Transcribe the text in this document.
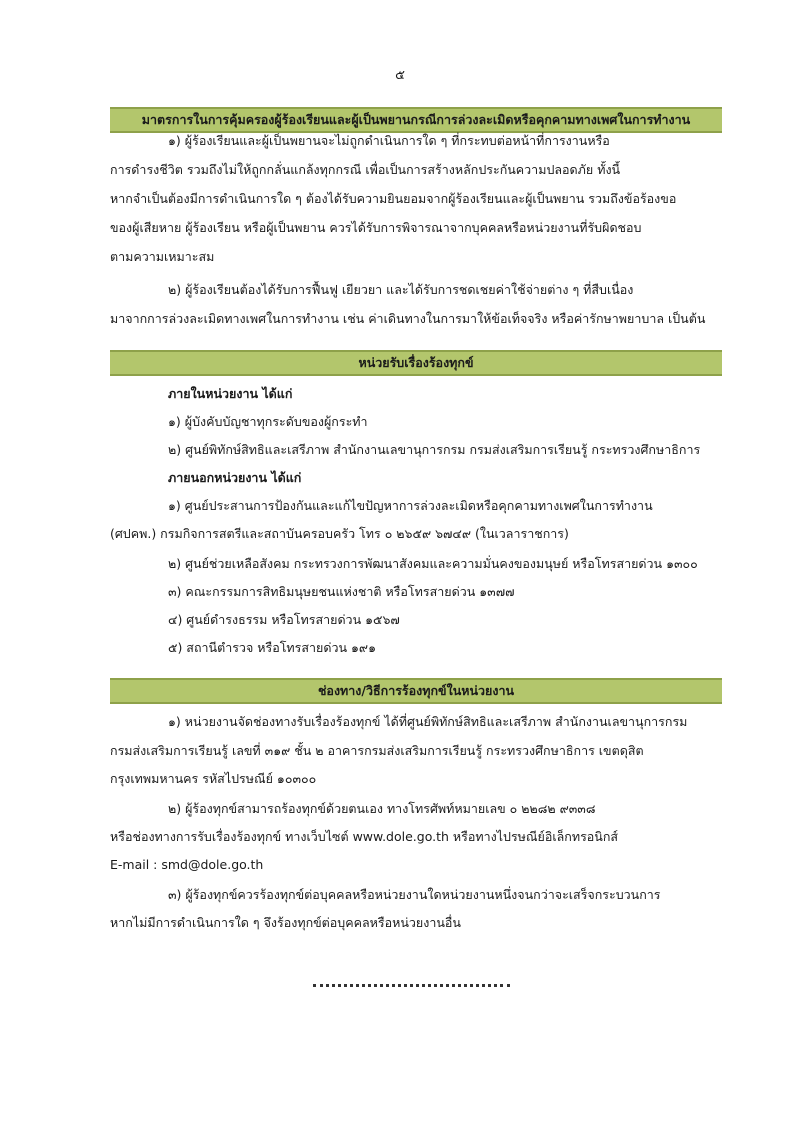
๕
มาตรการในการคุ้มครองผู้ร้องเรียนและผู้เป็นพยานกรณีการล่วงละเมิดหรือคุกคามทางเพศในการทำงาน
๑) ผู้ร้องเรียนและผู้เป็นพยานจะไม่ถูกดำเนินการใด ๆ ที่กระทบต่อหน้าที่การงานหรือ
การดำรงชีวิต รวมถึงไม่ให้ถูกกลั่นแกล้งทุกกรณี เพื่อเป็นการสร้างหลักประกันความปลอดภัย ทั้งนี้
หากจำเป็นต้องมีการดำเนินการใด ๆ ต้องได้รับความยินยอมจากผู้ร้องเรียนและผู้เป็นพยาน รวมถึงข้อร้องขอ
ของผู้เสียหาย ผู้ร้องเรียน หรือผู้เป็นพยาน ควรได้รับการพิจารณาจากบุคคลหรือหน่วยงานที่รับผิดชอบ
ตามความเหมาะสม
๒) ผู้ร้องเรียนต้องได้รับการฟื้นฟู เยียวยา และได้รับการชดเชยค่าใช้จ่ายต่าง ๆ ที่สืบเนื่อง
มาจากการล่วงละเมิดทางเพศในการทำงาน เช่น ค่าเดินทางในการมาให้ข้อเท็จจริง หรือค่ารักษาพยาบาล เป็นต้น
หน่วยรับเรื่องร้องทุกข์
ภายในหน่วยงาน ได้แก่
๑) ผู้บังคับบัญชาทุกระดับของผู้กระทำ
๒) ศูนย์พิทักษ์สิทธิและเสรีภาพ สำนักงานเลขานุการกรม กรมส่งเสริมการเรียนรู้ กระทรวงศึกษาธิการ
ภายนอกหน่วยงาน ได้แก่
๑) ศูนย์ประสานการป้องกันและแก้ไขปัญหาการล่วงละเมิดหรือคุกคามทางเพศในการทำงาน
(ศปคพ.) กรมกิจการสตรีและสถาบันครอบครัว โทร ๐ ๒๖๕๙ ๖๗๔๙ (ในเวลาราชการ)
๒) ศูนย์ช่วยเหลือสังคม กระทรวงการพัฒนาสังคมและความมั่นคงของมนุษย์ หรือโทรสายด่วน ๑๓๐๐
๓) คณะกรรมการสิทธิมนุษยชนแห่งชาติ หรือโทรสายด่วน ๑๓๗๗
๔) ศูนย์ดำรงธรรม หรือโทรสายด่วน ๑๕๖๗
๕) สถานีตำรวจ หรือโทรสายด่วน ๑๙๑
ช่องทาง/วิธีการร้องทุกข์ในหน่วยงาน
๑) หน่วยงานจัดช่องทางรับเรื่องร้องทุกข์ ได้ที่ศูนย์พิทักษ์สิทธิและเสรีภาพ สำนักงานเลขานุการกรม
กรมส่งเสริมการเรียนรู้ เลขที่ ๓๑๙ ชั้น ๒ อาคารกรมส่งเสริมการเรียนรู้ กระทรวงศึกษาธิการ เขตดุสิต
กรุงเทพมหานคร รหัสไปรษณีย์ ๑๐๓๐๐
๒) ผู้ร้องทุกข์สามารถร้องทุกข์ด้วยตนเอง ทางโทรศัพท์หมายเลข ๐ ๒๒๘๒ ๙๓๓๘
หรือช่องทางการรับเรื่องร้องทุกข์ ทางเว็บไซต์ www.dole.go.th หรือทางไปรษณีย์อิเล็กทรอนิกส์
E-mail : smd@dole.go.th
๓) ผู้ร้องทุกข์ควรร้องทุกข์ต่อบุคคลหรือหน่วยงานใดหน่วยงานหนึ่งจนกว่าจะเสร็จกระบวนการ
หากไม่มีการดำเนินการใด ๆ จึงร้องทุกข์ต่อบุคคลหรือหน่วยงานอื่น
